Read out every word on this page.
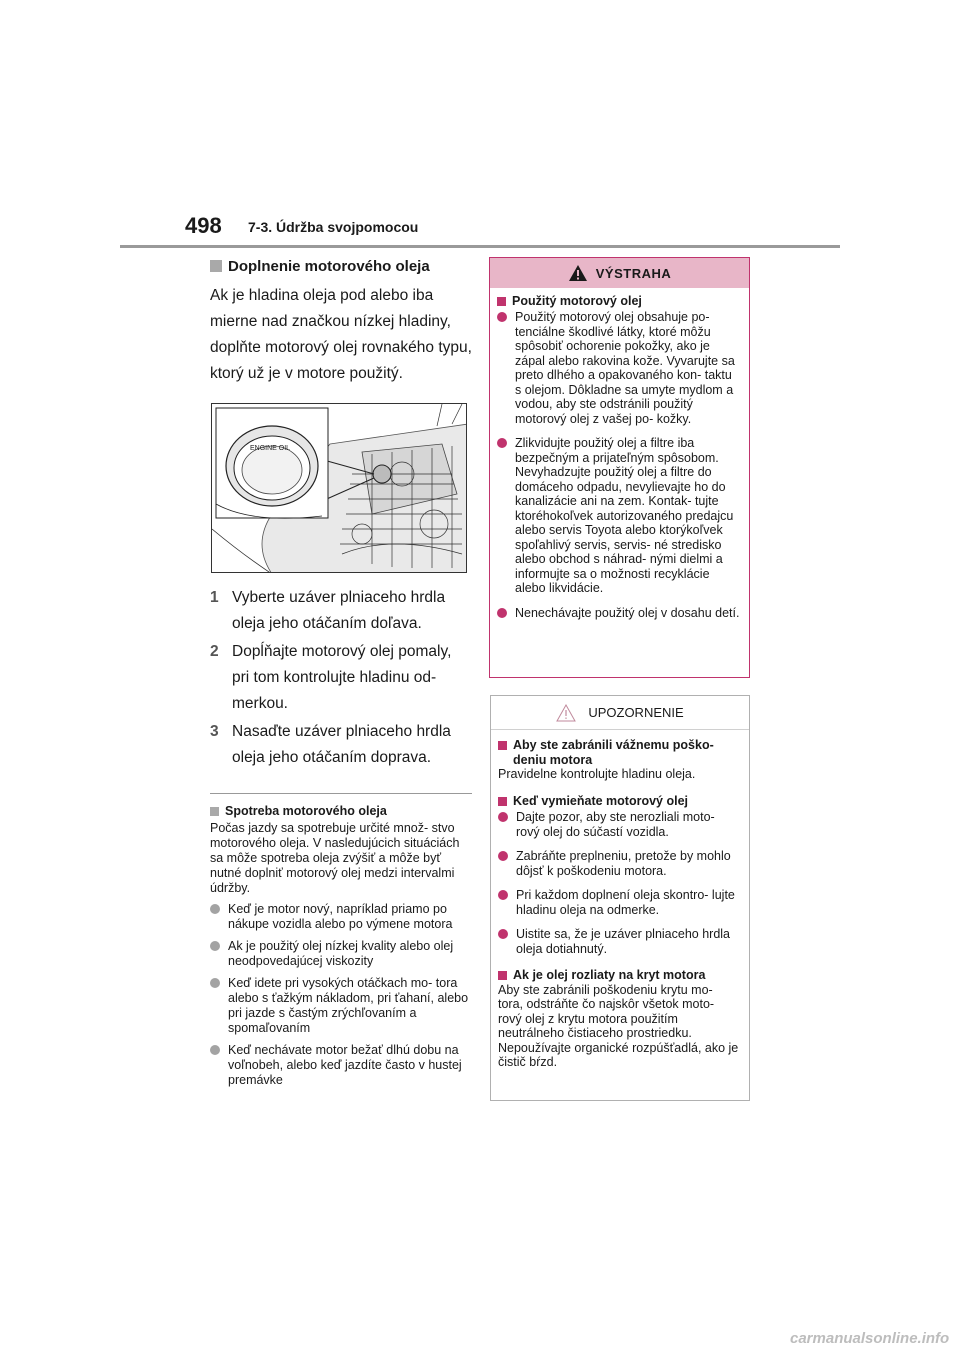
498 7-3. Údržba svojpomocou
Doplnenie motorového oleja

Ak je hladina oleja pod alebo iba mierne nad značkou nízkej hladiny, doplňte motorový olej rovnakého typu, ktorý už je v motore použitý.

ENGINE OIL
1 Vyberte uzáver plniaceho hrdla oleja jeho otáčaním doľava.
2 Dopĺňajte motorový olej pomaly, pri tom kontrolujte hladinu od- merkou.
3 Nasaďte uzáver plniaceho hrdla oleja jeho otáčaním doprava.
Spotreba motorového oleja

Počas jazdy sa spotrebuje určité množ- stvo motorového oleja. V nasledujúcich situáciách sa môže spotreba oleja zvýšiť a môže byť nutné doplniť motorový olej medzi intervalmi údržby.

Keď je motor nový, napríklad priamo po nákupe vozidla alebo po výmene motora
Ak je použitý olej nízkej kvality alebo olej neodpovedajúcej viskozity
Keď idete pri vysokých otáčkach mo- tora alebo s ťažkým nákladom, pri ťahaní, alebo pri jazde s častým zrýchľovaním a spomaľovaním
Keď nechávate motor bežať dlhú dobu na voľnobeh, alebo keď jazdíte často v hustej premávke
VÝSTRAHA
Použitý motorový olej
Použitý motorový olej obsahuje po- tenciálne škodlivé látky, ktoré môžu spôsobiť ochorenie pokožky, ako je zápal alebo rakovina kože. Vyvarujte sa preto dlhého a opakovaného kon- taktu s olejom. Dôkladne sa umyte mydlom a vodou, aby ste odstránili použitý motorový olej z vašej po- kožky.
Zlikvidujte použitý olej a filtre iba bezpečným a prijateľným spôsobom. Nevyhadzujte použitý olej a filtre do domáceho odpadu, nevylievajte ho do kanalizácie ani na zem. Kontak- tujte ktoréhokoľvek autorizovaného predajcu alebo servis Toyota alebo ktorýkoľvek spoľahlivý servis, servis- né stredisko alebo obchod s náhrad- nými dielmi a informujte sa o možnosti recyklácie alebo likvidácie.
Nenechávajte použitý olej v dosahu detí.
UPOZORNENIE
Aby ste zabránili vážnemu poško- deniu motora

Pravidelne kontrolujte hladinu oleja.

Keď vymieňate motorový olej
Dajte pozor, aby ste nerozliali moto- rový olej do súčastí vozidla.
Zabráňte preplneniu, pretože by mohlo dôjsť k poškodeniu motora.
Pri každom doplnení oleja skontro- lujte hladinu oleja na odmerke.
Uistite sa, že je uzáver plniaceho hrdla oleja dotiahnutý.
Ak je olej rozliaty na kryt motora

Aby ste zabránili poškodeniu krytu mo- tora, odstráňte čo najskôr všetok moto- rový olej z krytu motora použitím neutrálneho čistiaceho prostriedku. Nepoužívajte organické rozpúšťadlá, ako je čistič bŕzd.

carmanualsonline.info
